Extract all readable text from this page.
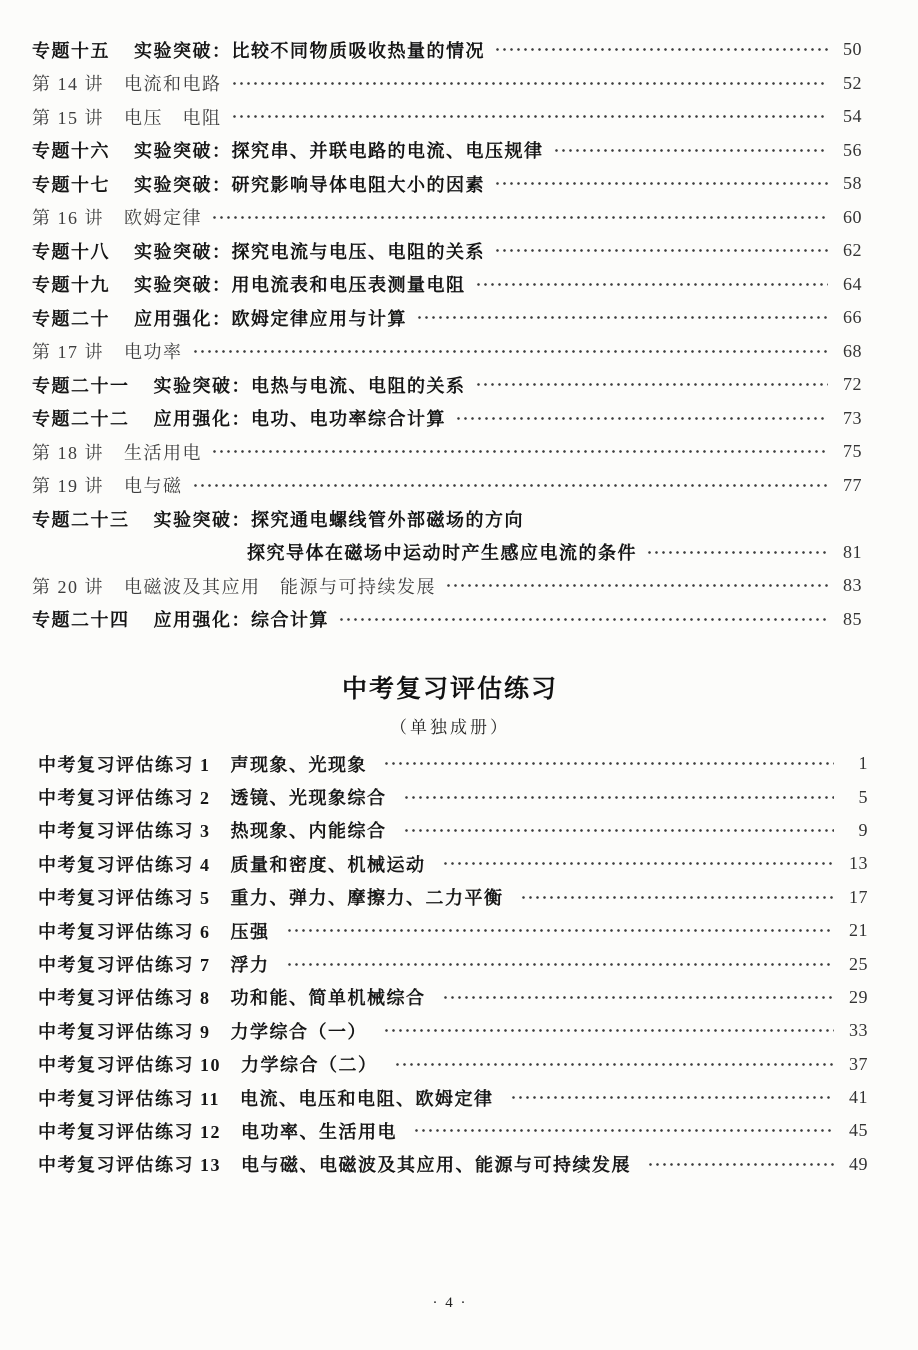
专题十五 实验突破：比较不同物质吸收热量的情况	50
第 14 讲 电流和电路	52
第 15 讲 电压　电阻	54
专题十六 实验突破：探究串、并联电路的电流、电压规律	56
专题十七 实验突破：研究影响导体电阻大小的因素	58
第 16 讲 欧姆定律	60
专题十八 实验突破：探究电流与电压、电阻的关系	62
专题十九 实验突破：用电流表和电压表测量电阻	64
专题二十 应用强化：欧姆定律应用与计算	66
第 17 讲 电功率	68
专题二十一 实验突破：电热与电流、电阻的关系	72
专题二十二 应用强化：电功、电功率综合计算	73
第 18 讲 生活用电	75
第 19 讲 电与磁	77
专题二十三 实验突破：探究通电螺线管外部磁场的方向
探究导体在磁场中运动时产生感应电流的条件	81
第 20 讲 电磁波及其应用　能源与可持续发展	83
专题二十四 应用强化：综合计算	85
中考复习评估练习
（单独成册）
中考复习评估练习 1 声现象、光现象	1
中考复习评估练习 2 透镜、光现象综合	5
中考复习评估练习 3 热现象、内能综合	9
中考复习评估练习 4 质量和密度、机械运动	13
中考复习评估练习 5 重力、弹力、摩擦力、二力平衡	17
中考复习评估练习 6 压强	21
中考复习评估练习 7 浮力	25
中考复习评估练习 8 功和能、简单机械综合	29
中考复习评估练习 9 力学综合（一）	33
中考复习评估练习 10 力学综合（二）	37
中考复习评估练习 11 电流、电压和电阻、欧姆定律	41
中考复习评估练习 12 电功率、生活用电	45
中考复习评估练习 13 电与磁、电磁波及其应用、能源与可持续发展	49
· 4 ·
